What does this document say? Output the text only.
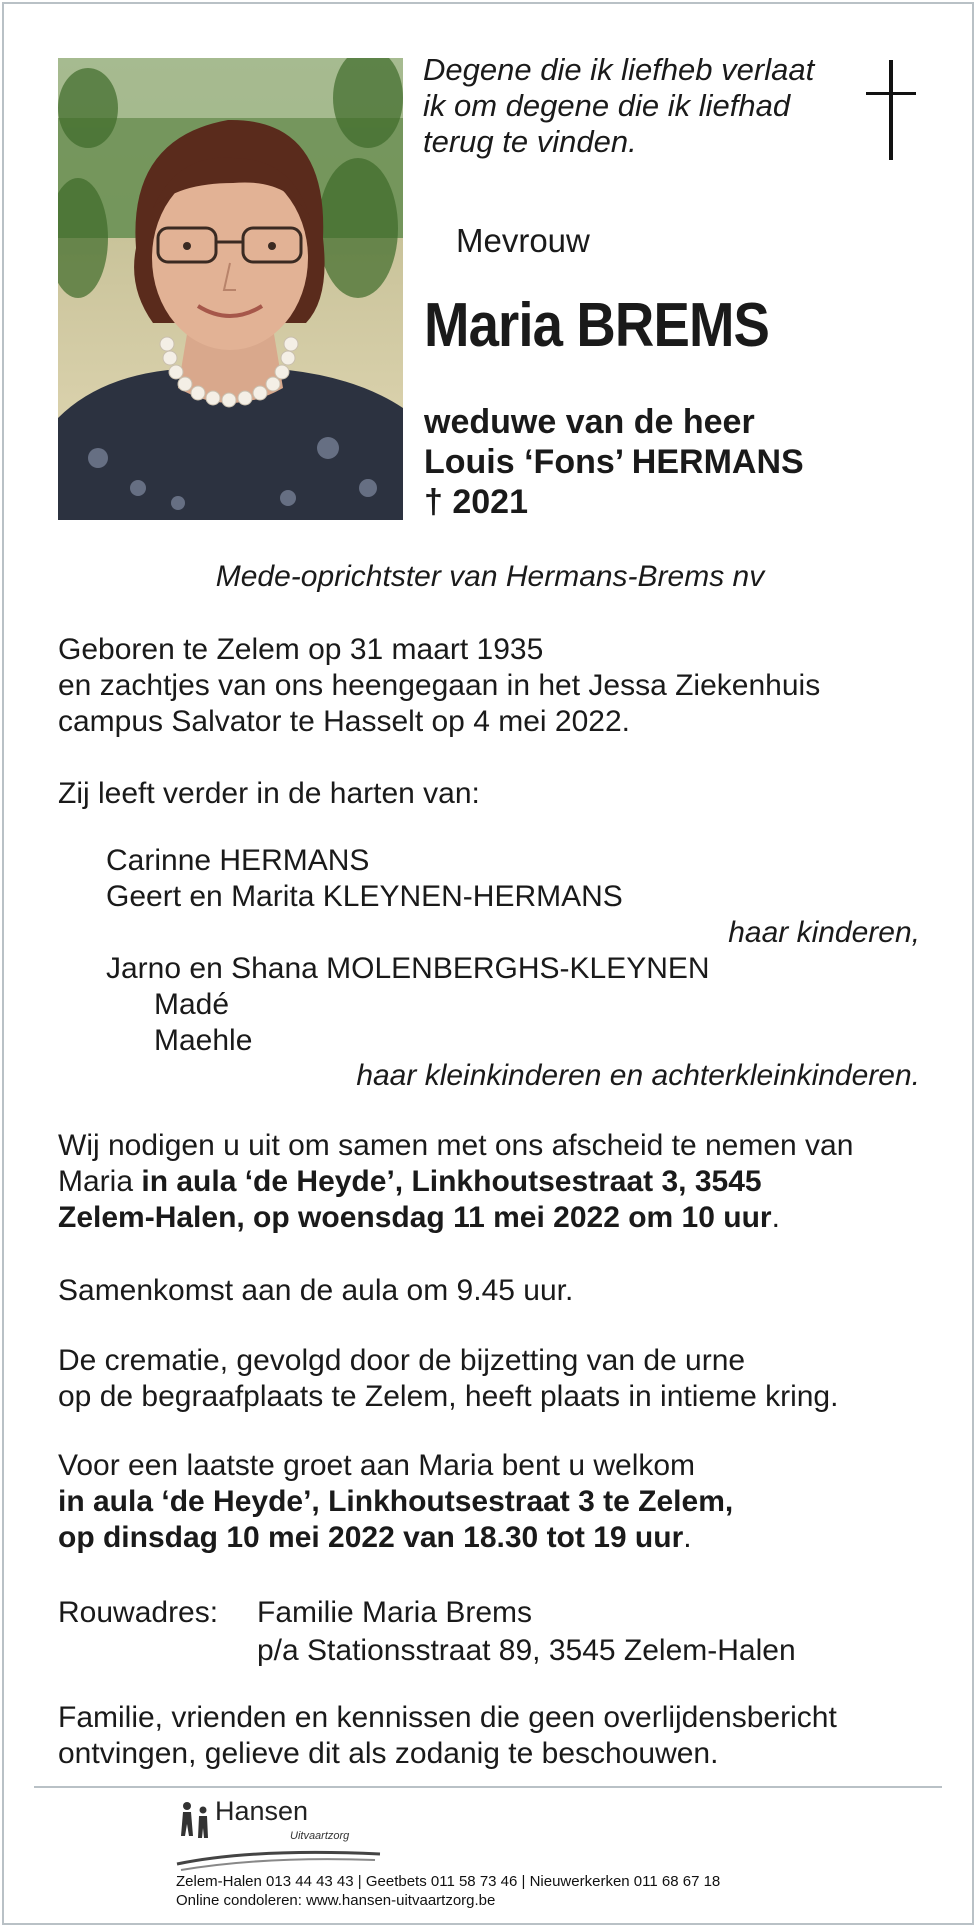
Degene die ik liefheb verlaat
ik om degene die ik liefhad
terug te vinden.
Mevrouw
Maria BREMS
weduwe van de heer
Louis ‘Fons’ HERMANS
† 2021
Mede-oprichtster van Hermans-Brems nv
Geboren te Zelem op 31 maart 1935
en zachtjes van ons heengegaan in het Jessa Ziekenhuis
campus Salvator te Hasselt op 4 mei 2022.
Zij leeft verder in de harten van:
Carinne HERMANS
Geert en Marita KLEYNEN-HERMANS
haar kinderen,
Jarno en Shana MOLENBERGHS-KLEYNEN
Madé
Maehle
haar kleinkinderen en achterkleinkinderen.
Wij nodigen u uit om samen met ons afscheid te nemen van
Maria in aula ‘de Heyde’, Linkhoutsestraat 3, 3545
Zelem-Halen, op woensdag 11 mei 2022 om 10 uur.
Samenkomst aan de aula om 9.45 uur.
De crematie, gevolgd door de bijzetting van de urne
op de begraafplaats te Zelem, heeft plaats in intieme kring.
Voor een laatste groet aan Maria bent u welkom
in aula ‘de Heyde’, Linkhoutsestraat 3 te Zelem,
op dinsdag 10 mei 2022 van 18.30 tot 19 uur.
Rouwadres: Familie Maria Brems
p/a Stationsstraat 89, 3545 Zelem-Halen
Familie, vrienden en kennissen die geen overlijdensbericht
ontvingen, gelieve dit als zodanig te beschouwen.
Hansen
Uitvaartzorg
Zelem-Halen 013 44 43 43 | Geetbets 011 58 73 46 | Nieuwerkerken 011 68 67 18
Online condoleren: www.hansen-uitvaartzorg.be
